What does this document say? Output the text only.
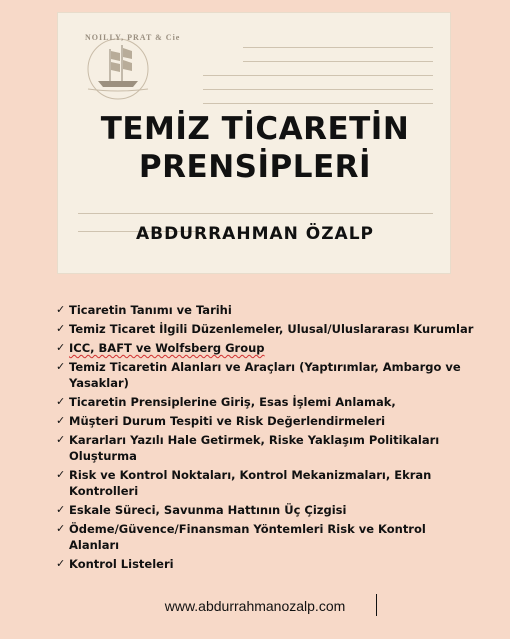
NOILLY, PRAT & Cie
TEMİZ TİCARETİN
PRENSİPLERİ
ABDURRAHMAN ÖZALP
✓ Ticaretin Tanımı ve Tarihi
✓ Temiz Ticaret İlgili Düzenlemeler, Ulusal/Uluslararası Kurumlar
✓ ICC, BAFT ve Wolfsberg Group
✓ Temiz Ticaretin Alanları ve Araçları (Yaptırımlar, Ambargo ve Yasaklar)
✓ Ticaretin Prensiplerine Giriş, Esas İşlemi Anlamak,
✓ Müşteri Durum Tespiti ve Risk Değerlendirmeleri
✓ Kararları Yazılı Hale Getirmek, Riske Yaklaşım Politikaları Oluşturma
✓ Risk ve Kontrol Noktaları, Kontrol Mekanizmaları, Ekran Kontrolleri
✓ Eskale Süreci, Savunma Hattının Üç Çizgisi
✓ Ödeme/Güvence/Finansman Yöntemleri Risk ve Kontrol Alanları
✓ Kontrol Listeleri
www.abdurrahmanozalp.com
